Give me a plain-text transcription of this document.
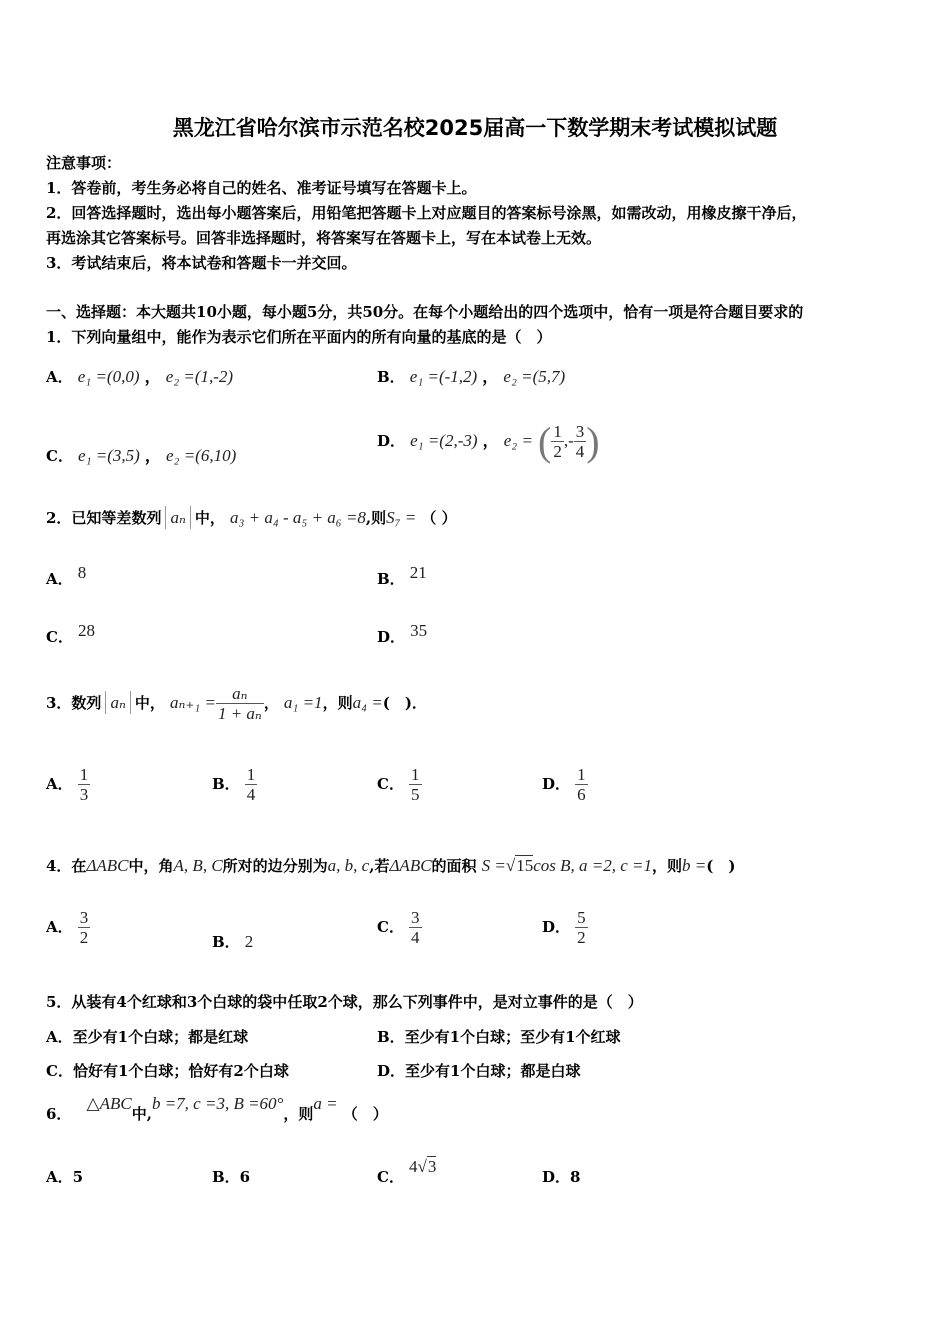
黑龙江省哈尔滨市示范名校2025届高一下数学期末考试模拟试题
注意事项：
1．答卷前，考生务必将自己的姓名、准考证号填写在答题卡上。
2．回答选择题时，选出每小题答案后，用铅笔把答题卡上对应题目的答案标号涂黑，如需改动，用橡皮擦干净后，
再选涂其它答案标号。回答非选择题时，将答案写在答题卡上，写在本试卷上无效。
3．考试结束后，将本试卷和答题卡一并交回。
一、选择题：本大题共10小题，每小题5分，共50分。在每个小题给出的四个选项中，恰有一项是符合题目要求的
1．下列向量组中，能作为表示它们所在平面内的所有向量的基底的是（　）
A． e₁ =(0,0) ， e₂ =(1,‑2)	B． e₁ =(‑1,2) ， e₂ =(5,7)
C． e₁ =(3,5) ， e₂ =(6,10)
D． e₁ =(2,‑3) ， e₂ = ( $\frac{1}{2}$ ,‑ $\frac{3}{4}$ )
2．已知等差数列 aₙ 中， a₃ + a₄ ‑ a₅ + a₆ =8,则S₇ = （ ）
A． 8	B． 21
C． 28	D． 35
3．数列 aₙ 中， $a_{n+1} = \frac{\text{aₙ}}{\text{1 + aₙ}}$ ， a₁ =1，则a₄ =(　)．
A． $\frac{1}{3}$	B． $\frac{1}{4}$	C． $\frac{1}{5}$	D． $\frac{1}{6}$
4．在ΔABC中，角A, B, C所对的边分别为a, b, c,若ΔABC的面积 S =√15cos B, a =2, c =1，则b =(　)
A． $\frac{3}{2}$	B． 2
C． $\frac{3}{4}$	D． $\frac{5}{2}$
5．从装有4个红球和3个白球的袋中任取2个球，那么下列事件中，是对立事件的是（　）
A．至少有1个白球；都是红球	B．至少有1个白球；至少有1个红球
C．恰好有1个白球；恰好有2个白球	D．至少有1个白球；都是白球
6． △ABC中,b =7, c =3, B =60°，则a = （　）
A．5	B．6	C． 4√3
D．8
